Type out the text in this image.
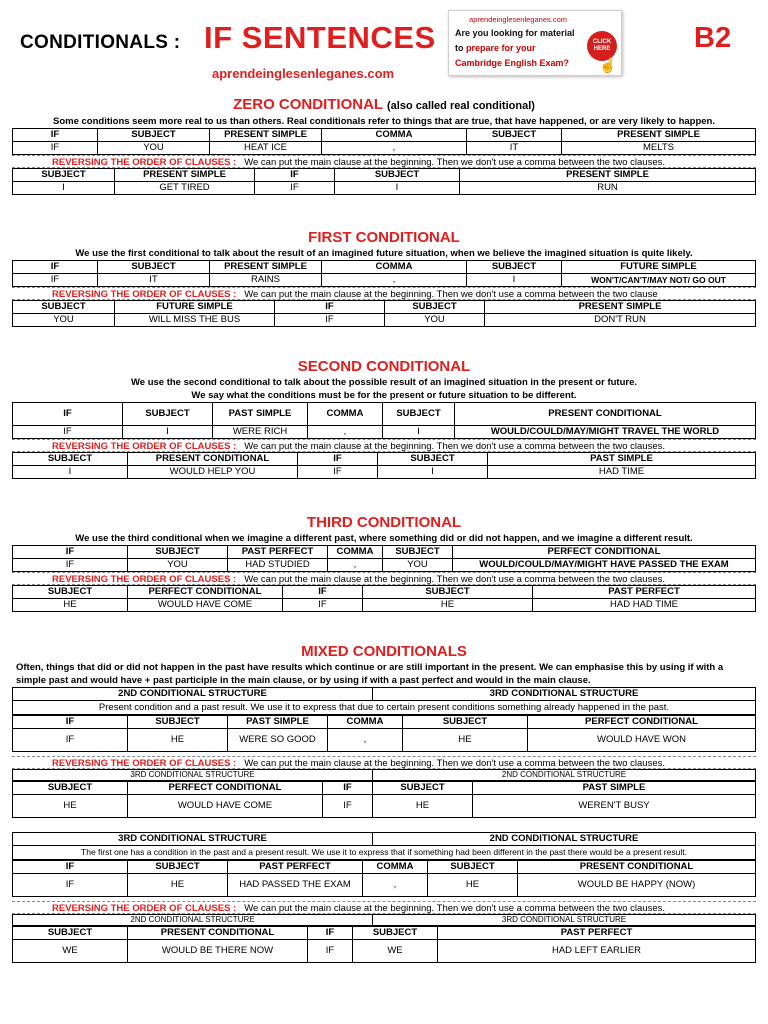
CONDITIONALS : IF SENTENCES
aprendeinglesenleganes.com
aprendeinglesenleganes.com
Are you looking for material
to prepare for your
Cambridge English Exam?
CLICK HERE
☝
B2
ZERO CONDITIONAL (also called real conditional)
Some conditions seem more real to us than others. Real conditionals refer to things that are true, that have happened, or are very likely to happen.
IF	SUBJECT	PRESENT SIMPLE	COMMA	SUBJECT	PRESENT SIMPLE
IF	YOU	HEAT ICE	,	IT	MELTS
REVERSING THE ORDER OF CLAUSES : We can put the main clause at the beginning. Then we don't use a comma between the two clauses.
SUBJECT	PRESENT SIMPLE	IF	SUBJECT	PRESENT SIMPLE
I	GET TIRED	IF	I	RUN
FIRST CONDITIONAL
We use the first conditional to talk about the result of an imagined future situation, when we believe the imagined situation is quite likely.
IF	SUBJECT	PRESENT SIMPLE	COMMA	SUBJECT	FUTURE SIMPLE
IF	IT	RAINS	,	I	WON'T/CAN'T/MAY NOT/ GO OUT
REVERSING THE ORDER OF CLAUSES : We can put the main clause at the beginning. Then we don't use a comma between the two clause
SUBJECT	FUTURE SIMPLE	IF	SUBJECT	PRESENT SIMPLE
YOU	WILL MISS THE BUS	IF	YOU	DON'T RUN
SECOND CONDITIONAL
We use the second conditional to talk about the possible result of an imagined situation in the present or future.
We say what the conditions must be for the present or future situation to be different.
IF	SUBJECT	PAST SIMPLE	COMMA	SUBJECT	PRESENT CONDITIONAL
IF	I	WERE RICH	,	I	WOULD/COULD/MAY/MIGHT TRAVEL THE WORLD
REVERSING THE ORDER OF CLAUSES : We can put the main clause at the beginning. Then we don't use a comma between the two clauses.
SUBJECT	PRESENT CONDITIONAL	IF	SUBJECT	PAST SIMPLE
I	WOULD HELP YOU	IF	I	HAD TIME
THIRD CONDITIONAL
We use the third conditional when we imagine a different past, where something did or did not happen, and we imagine a different result.
IF	SUBJECT	PAST PERFECT	COMMA	SUBJECT	PERFECT CONDITIONAL
IF	YOU	HAD STUDIED	,	YOU	WOULD/COULD/MAY/MIGHT HAVE PASSED THE EXAM
REVERSING THE ORDER OF CLAUSES : We can put the main clause at the beginning. Then we don't use a comma between the two clauses.
SUBJECT	PERFECT CONDITIONAL	IF	SUBJECT	PAST PERFECT
HE	WOULD HAVE COME	IF	HE	HAD HAD TIME
MIXED CONDITIONALS
Often, things that did or did not happen in the past have results which continue or are still important in the present. We can emphasise this by using if with a simple past and would have + past participle in the main clause, or by using if with a past perfect and would in the main clause.
2ND CONDITIONAL STRUCTURE	3RD CONDITIONAL STRUCTURE
Present condition and a past result. We use it to express that due to certain present conditions something already happened in the past.
IF	SUBJECT	PAST SIMPLE	COMMA	SUBJECT	PERFECT CONDITIONAL
IF	HE	WERE SO GOOD	,	HE	WOULD HAVE WON
REVERSING THE ORDER OF CLAUSES : We can put the main clause at the beginning. Then we don't use a comma between the two clauses.
3RD CONDITIONAL STRUCTURE	2ND CONDITIONAL STRUCTURE
SUBJECT	PERFECT CONDITIONAL	IF	SUBJECT	PAST SIMPLE
HE	WOULD HAVE COME	IF	HE	WEREN'T BUSY
3RD CONDITIONAL STRUCTURE	2ND CONDITIONAL STRUCTURE
The first one has a condition in the past and a present result. We use it to express that if something had been different in the past there would be a present result.
IF	SUBJECT	PAST PERFECT	COMMA	SUBJECT	PRESENT CONDITIONAL
IF	HE	HAD PASSED THE EXAM	,	HE	WOULD BE HAPPY (NOW)
REVERSING THE ORDER OF CLAUSES : We can put the main clause at the beginning. Then we don't use a comma between the two clauses.
2ND CONDITIONAL STRUCTURE	3RD CONDITIONAL STRUCTURE
SUBJECT	PRESENT CONDITIONAL	IF	SUBJECT	PAST PERFECT
WE	WOULD BE THERE NOW	IF	WE	HAD LEFT EARLIER
